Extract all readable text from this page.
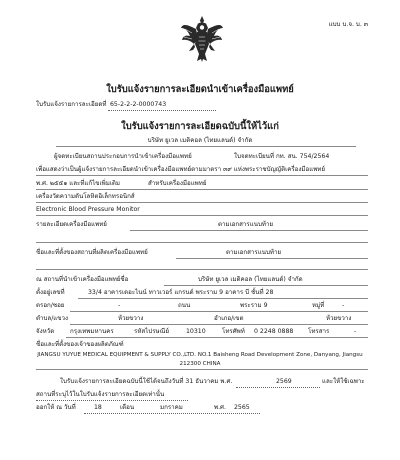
แบบ บ.จ. บ. ๓
ใบรับแจ้งรายการละเอียดนำเข้าเครื่องมือแพทย์
ใบรับแจ้งรายการละเอียดที่ 65-2-2-2-0000743
ใบรับแจ้งรายการละเอียดฉบับนี้ให้ไว้แก่
บริษัท ยูเวล เมดิคอล (ไทยแลนด์) จำกัด
ผู้จดทะเบียนสถานประกอบการนำเข้าเครื่องมือแพทย์	ใบจดทะเบียนที่ กท. สน. 754/2564
เพื่อแสดงว่าเป็นผู้แจ้งรายการละเอียดนำเข้าเครื่องมือแพทย์ตามมาตรา ๓๙ แห่งพระราชบัญญัติเครื่องมือแพทย์
พ.ศ. ๒๕๕๑ และที่แก้ไขเพิ่มเติม	สำหรับเครื่องมือแพทย์
เครื่องวัดความดันโลหิตอิเล็กทรอนิกส์
Electronic Blood Pressure Monitor
รายละเอียดเครื่องมือแพทย์	ตามเอกสารแนบท้าย
ชื่อและที่ตั้งของสถานที่ผลิตเครื่องมือแพทย์	ตามเอกสารแนบท้าย
ณ สถานที่นำเข้าเครื่องมือแพทย์ชื่อ	บริษัท ยูเวล เมดิคอล (ไทยแลนด์) จำกัด
ตั้งอยู่เลขที่	33/4 อาคารเดอะไนน์ ทาวเวอร์ แกรนด์ พระราม 9 อาคาร บี ชั้นที่ 28
ตรอก/ซอย	-	ถนน	พระราม 9	หมู่ที่	-
ตำบล/แขวง	ห้วยขวาง	อำเภอ/เขต	ห้วยขวาง
จังหวัด	กรุงเทพมหานคร	รหัสไปรษณีย์	10310	โทรศัพท์ 0 2248 0888 โทรสาร	-
ชื่อและที่ตั้งของเจ้าของผลิตภัณฑ์
JIANGSU YUYUE MEDICAL EQUIPMENT & SUPPLY CO.,LTD. NO.1 Baisheng Road Development Zone, Danyang, Jiangsu
212300 CHINA
ใบรับแจ้งรายการละเอียดฉบับนี้ใช้ได้จนถึงวันที่ 31 ธันวาคม พ.ศ.	2569	และให้ใช้เฉพาะ
สถานที่ระบุไว้ในใบรับแจ้งรายการละเอียดเท่านั้น
ออกให้ ณ วันที่	18	เดือน	มกราคม	พ.ศ. 2565
